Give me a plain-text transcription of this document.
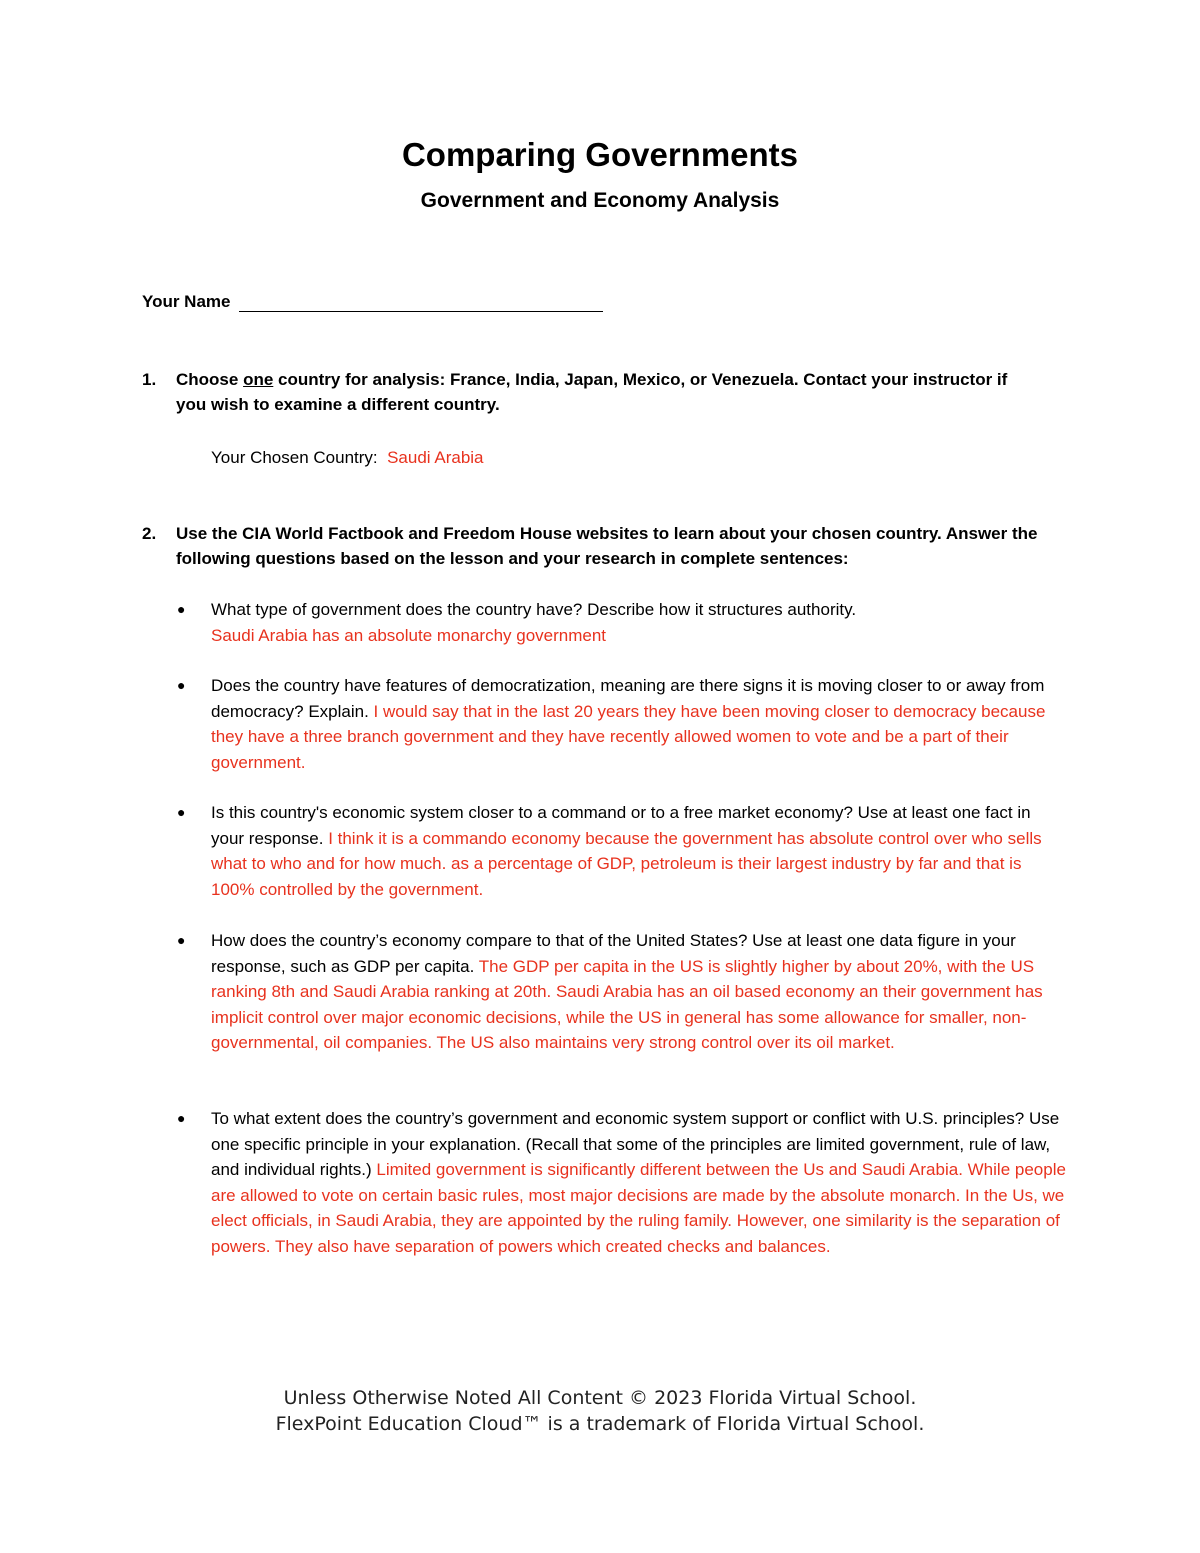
Comparing Governments
Government and Economy Analysis
Your Name
1. Choose one country for analysis: France, India, Japan, Mexico, or Venezuela. Contact your instructor if you wish to examine a different country.
Your Chosen Country: Saudi Arabia
2. Use the CIA World Factbook and Freedom House websites to learn about your chosen country. Answer the following questions based on the lesson and your research in complete sentences:
● What type of government does the country have? Describe how it structures authority.
Saudi Arabia has an absolute monarchy government
● Does the country have features of democratization, meaning are there signs it is moving closer to or away from democracy? Explain. I would say that in the last 20 years they have been moving closer to democracy because they have a three branch government and they have recently allowed women to vote and be a part of their government.
● Is this country's economic system closer to a command or to a free market economy? Use at least one fact in your response. I think it is a commando economy because the government has absolute control over who sells what to who and for how much. as a percentage of GDP, petroleum is their largest industry by far and that is 100% controlled by the government.
● How does the country’s economy compare to that of the United States? Use at least one data figure in your response, such as GDP per capita. The GDP per capita in the US is slightly higher by about 20%, with the US ranking 8th and Saudi Arabia ranking at 20th. Saudi Arabia has an oil based economy an their government has implicit control over major economic decisions, while the US in general has some allowance for smaller, non-governmental, oil companies. The US also maintains very strong control over its oil market.
● To what extent does the country’s government and economic system support or conflict with U.S. principles? Use one specific principle in your explanation. (Recall that some of the principles are limited government, rule of law, and individual rights.) Limited government is significantly different between the Us and Saudi Arabia. While people are allowed to vote on certain basic rules, most major decisions are made by the absolute monarch. In the Us, we elect officials, in Saudi Arabia, they are appointed by the ruling family. However, one similarity is the separation of powers. They also have separation of powers which created checks and balances.
Unless Otherwise Noted All Content © 2023 Florida Virtual School.
FlexPoint Education Cloud™ is a trademark of Florida Virtual School.
